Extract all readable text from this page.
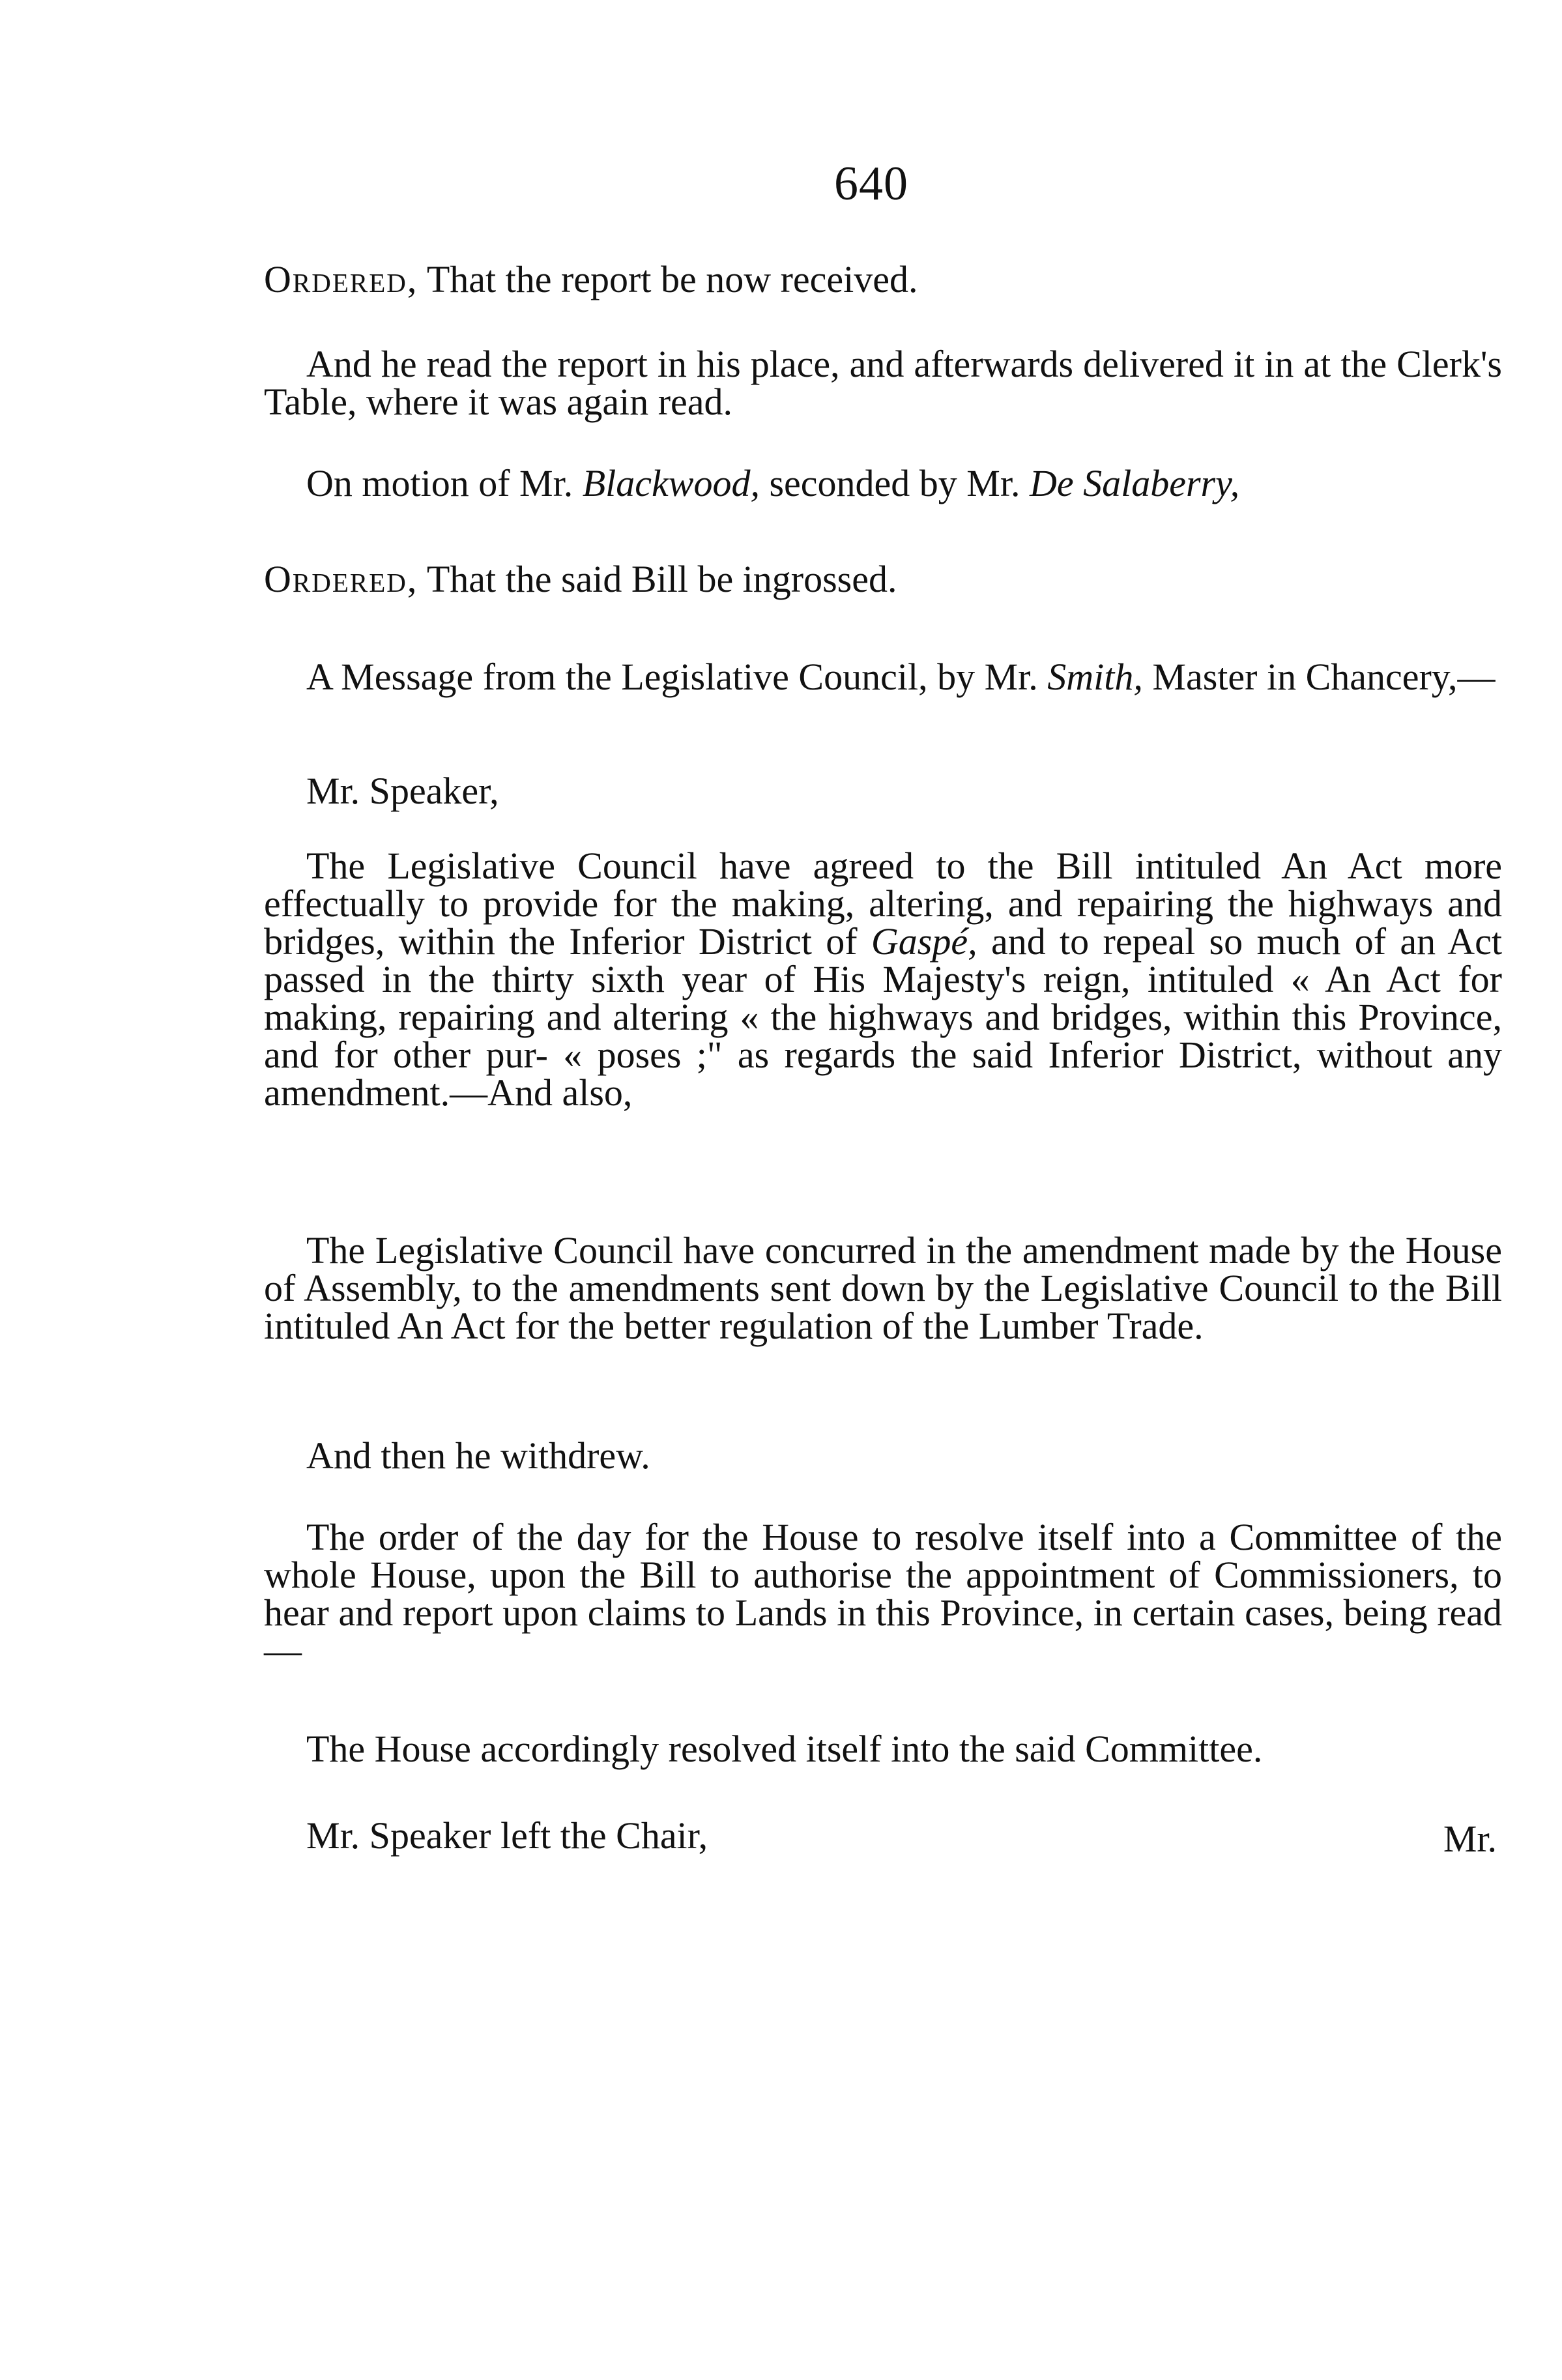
640

Ordered, That the report be now received.

And he read the report in his place, and afterwards delivered it in at the Clerk's Table, where it was again read.

On motion of Mr. Blackwood, seconded by Mr. De Salaberry,

Ordered, That the said Bill be ingrossed.

A Message from the Legislative Council, by Mr. Smith, Master in Chancery,—

Mr. Speaker,

The Legislative Council have agreed to the Bill intituled An Act more effectually to provide for the making, altering, and repairing the highways and bridges, within the Inferior District of Gaspé, and to repeal so much of an Act passed in the thirty sixth year of His Majesty's reign, intituled « An Act for making, repairing and altering « the highways and bridges, within this Province, and for other pur- « poses ;" as regards the said Inferior District, without any amendment.—And also,

The Legislative Council have concurred in the amendment made by the House of Assembly, to the amendments sent down by the Legislative Council to the Bill intituled An Act for the better regulation of the Lumber Trade.

And then he withdrew.

The order of the day for the House to resolve itself into a Committee of the whole House, upon the Bill to authorise the appointment of Commissioners, to hear and report upon claims to Lands in this Province, in certain cases, being read—

The House accordingly resolved itself into the said Committee.

Mr. Speaker left the Chair,	Mr.
